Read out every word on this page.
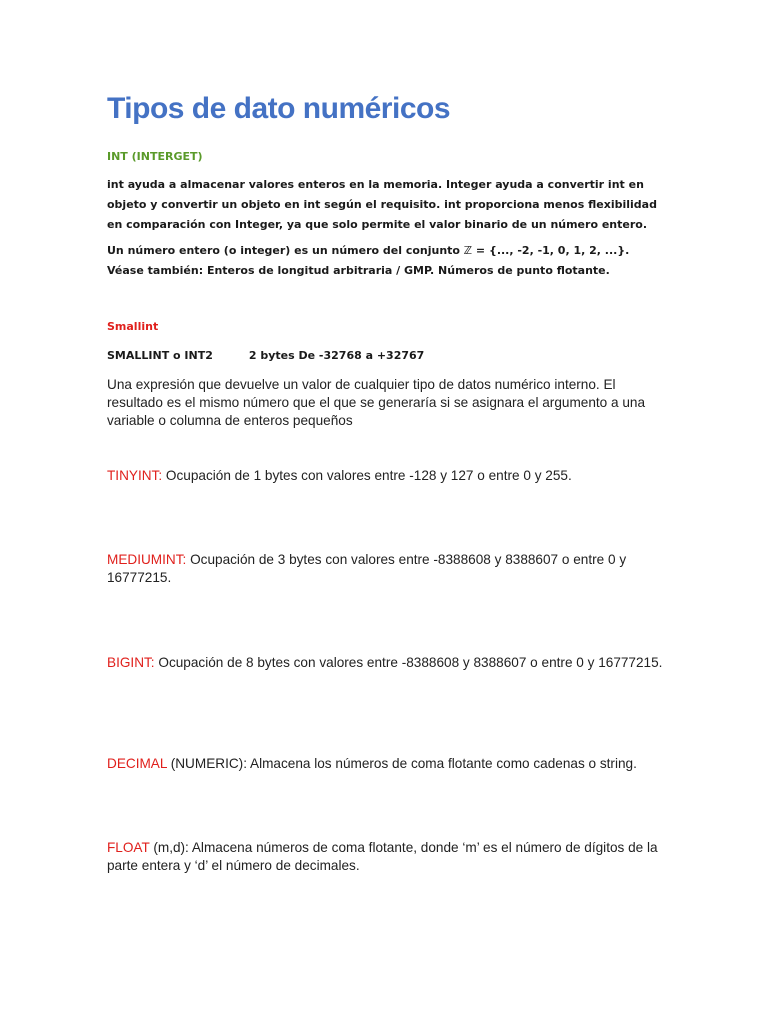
Tipos de dato numéricos
INT (INTERGET)

int ayuda a almacenar valores enteros en la memoria. Integer ayuda a convertir int en objeto y convertir un objeto en int según el requisito. int proporciona menos flexibilidad en comparación con Integer, ya que solo permite el valor binario de un número entero.

Un número entero (o integer) es un número del conjunto ℤ = {..., -2, -1, 0, 1, 2, ...}. Véase también: Enteros de longitud arbitraria / GMP. Números de punto flotante.

Smallint
SMALLINT o INT2	2 bytes De -32768 a +32767

Una expresión que devuelve un valor de cualquier tipo de datos numérico interno. El resultado es el mismo número que el que se generaría si se asignara el argumento a una variable o columna de enteros pequeños

TINYINT: Ocupación de 1 bytes con valores entre -128 y 127 o entre 0 y 255.

MEDIUMINT: Ocupación de 3 bytes con valores entre -8388608 y 8388607 o entre 0 y 16777215.

BIGINT: Ocupación de 8 bytes con valores entre -8388608 y 8388607 o entre 0 y 16777215.

DECIMAL (NUMERIC): Almacena los números de coma flotante como cadenas o string.

FLOAT (m,d): Almacena números de coma flotante, donde ‘m’ es el número de dígitos de la parte entera y ‘d’ el número de decimales.
